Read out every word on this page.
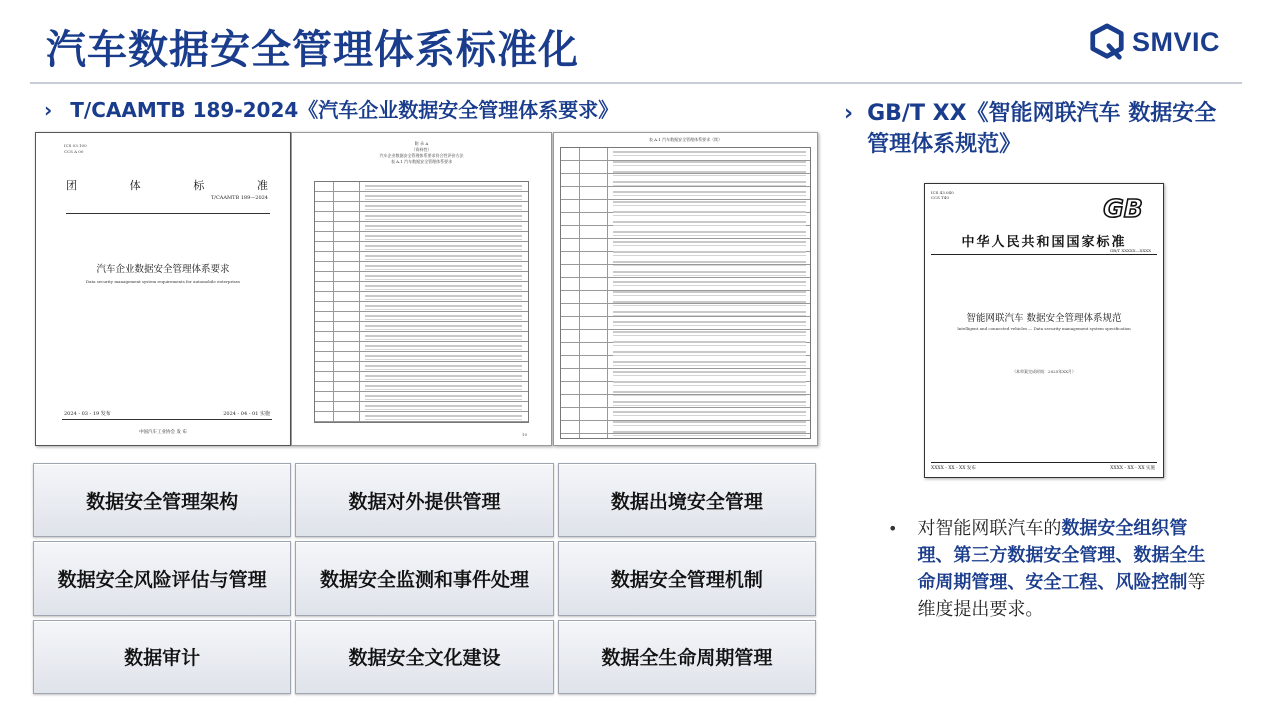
汽车数据安全管理体系标准化	SMVIC
› T/CAAMTB 189-2024《汽车企业数据安全管理体系要求》
ICS 03.100
CCS A 00
团	体	标	准
T/CAAMTB 189—2024
汽车企业数据安全管理体系要求
Data security management system requirements for automobile enterprises
2024 - 03 - 19 发布	2024 - 04 - 01 实施
中国汽车工业协会 发 布
附 录 A
（资料性）
汽车企业数据安全管理体系要求符合性评价方法
表 A.1 汽车数据安全管理体系要求
10
表 A.1 汽车数据安全管理体系要求（续）
› GB/T XX《智能网联汽车 数据安全管理体系规范》
ICS 43.040
CCS T40	GB
中华人民共和国国家标准
GB/T XXXXX—XXXX
智能网联汽车 数据安全管理体系规范
Intelligent and connected vehicles — Data security management system specification
（本草案完成时间：2025年XX月）
XXXX - XX - XX 发布	XXXX - XX - XX 实施
数据安全管理架构	数据对外提供管理	数据出境安全管理
数据安全风险评估与管理	数据安全监测和事件处理	数据安全管理机制
数据审计	数据安全文化建设	数据全生命周期管理
• 对智能网联汽车的数据安全组织管理、第三方数据安全管理、数据全生命周期管理、安全工程、风险控制等维度提出要求。
